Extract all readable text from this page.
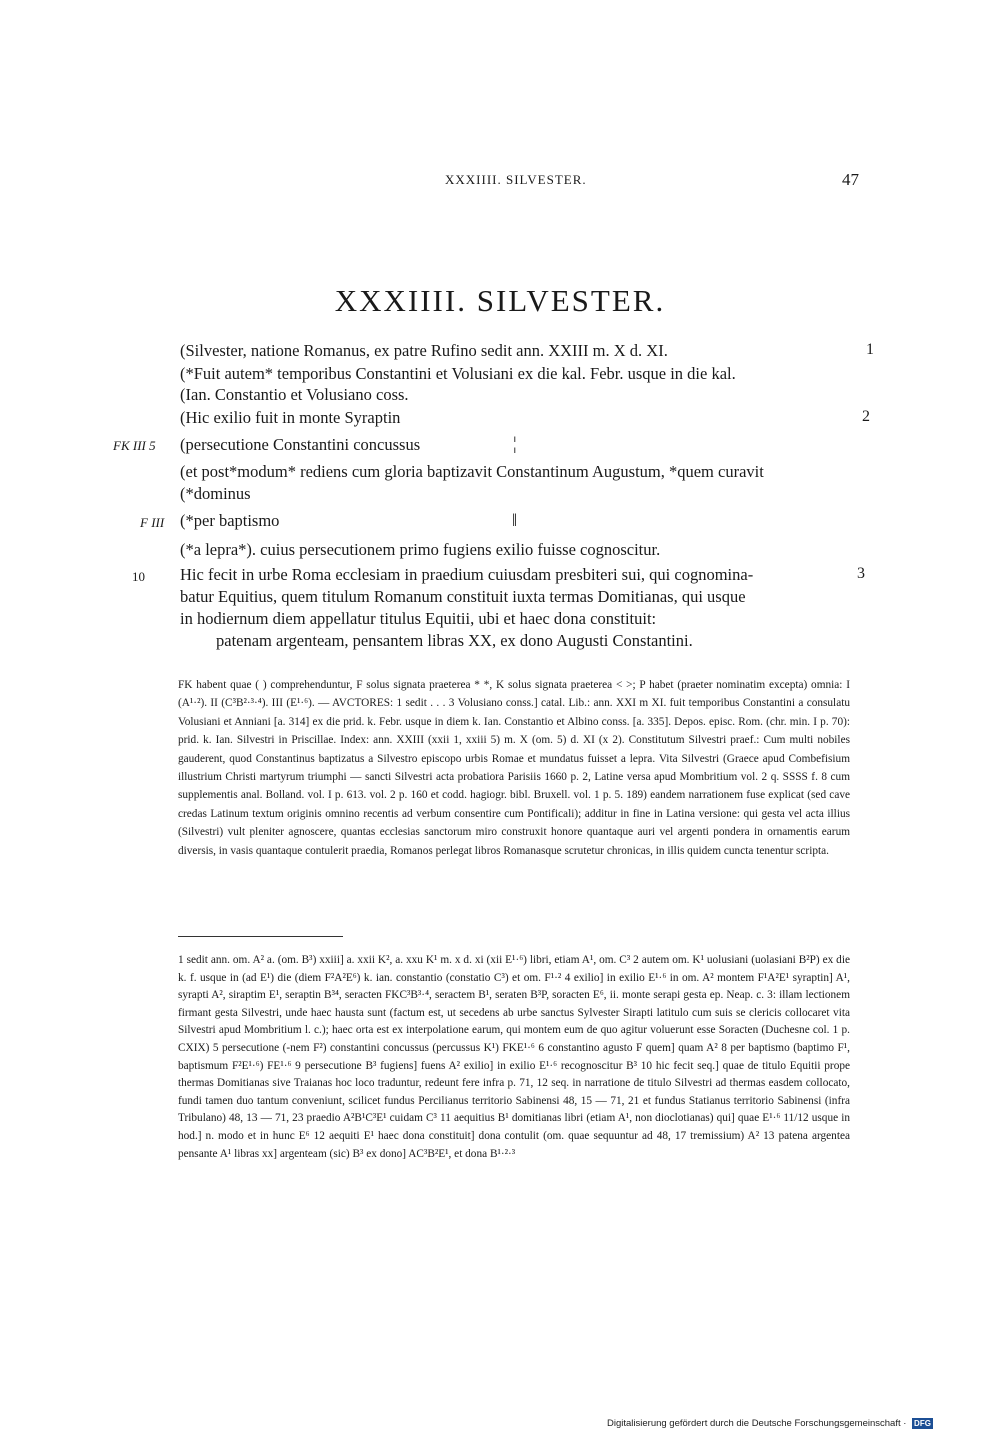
XXXIIII. SILVESTER.	47
XXXIIII. SILVESTER.
(Silvester, natione Romanus, ex patre Rufino sedit ann. XXIII m. X d. XI.	1
(*Fuit autem* temporibus Constantini et Volusiani ex die kal. Febr. usque in die kal.
(Ian. Constantio et Volusiano coss.
(Hic exilio fuit in monte Syraptin	2
FK III 5 (persecutione Constantini concussus	¦
(et post*modum* rediens cum gloria baptizavit Constantinum Augustum, *quem curavit
(*dominus
F III (*per baptismo	‖
(*a lepra*). cuius persecutionem primo fugiens exilio fuisse cognoscitur.
10 Hic fecit in urbe Roma ecclesiam in praedium cuiusdam presbiteri sui, qui cognomina-	3
batur Equitius, quem titulum Romanum constituit iuxta termas Domitianas, qui usque
in hodiernum diem appellatur titulus Equitii, ubi et haec dona constituit:
patenam argenteam, pensantem libras XX, ex dono Augusti Constantini.
FK habent quae ( ) comprehenduntur, F solus signata praeterea * *, K solus signata praeterea < >; P habet (praeter nominatim excepta) omnia: I (A¹·²). II (C³B²·³·⁴). III (E¹·⁶). — AVCTORES: 1 sedit . . . 3 Volusiano conss.] catal. Lib.: ann. XXI m XI. fuit temporibus Constantini a consulatu Volusiani et Anniani [a. 314] ex die prid. k. Febr. usque in diem k. Ian. Constantio et Albino conss. [a. 335]. Depos. episc. Rom. (chr. min. I p. 70): prid. k. Ian. Silvestri in Priscillae. Index: ann. XXIII (xxii 1, xxiii 5) m. X (om. 5) d. XI (x 2). Constitutum Silvestri praef.: Cum multi nobiles gauderent, quod Constantinus baptizatus a Silvestro episcopo urbis Romae et mundatus fuisset a lepra. Vita Silvestri (Graece apud Combefisium illustrium Christi martyrum triumphi — sancti Silvestri acta probatiora Parisiis 1660 p. 2, Latine versa apud Mombritium vol. 2 q. SSSS f. 8 cum supplementis anal. Bolland. vol. I p. 613. vol. 2 p. 160 et codd. hagiogr. bibl. Bruxell. vol. 1 p. 5. 189) eandem narrationem fuse explicat (sed cave credas Latinum textum originis omnino recentis ad verbum consentire cum Pontificali); additur in fine in Latina versione: qui gesta vel acta illius (Silvestri) vult pleniter agnoscere, quantas ecclesias sanctorum miro construxit honore quantaque auri vel argenti pondera in ornamentis earum diversis, in vasis quantaque contulerit praedia, Romanos perlegat libros Romanasque scrutetur chronicas, in illis quidem cuncta tenentur scripta.
1 sedit ann. om. A² a. (om. B³) xxiii] a. xxii K², a. xxu K¹ m. x d. xi (xii E¹·⁶) libri, etiam A¹, om. C³ 2 autem om. K¹ uolusiani (uolasiani B²P) ex die k. f. usque in (ad E¹) die (diem F²A²E⁶) k. ian. constantio (constatio C³) et om. F¹·² 4 exilio] in exilio E¹·⁶ in om. A² montem F¹A²E¹ syraptin] A¹, syrapti A², siraptim E¹, seraptin B³⁴, seracten FKC³B³·⁴, seractem B¹, seraten B³P, soracten E⁶, ii. monte serapi gesta ep. Neap. c. 3: illam lectionem firmant gesta Silvestri, unde haec hausta sunt (factum est, ut secedens ab urbe sanctus Sylvester Sirapti latitulo cum suis se clericis collocaret vita Silvestri apud Mombritium l. c.); haec orta est ex interpolatione earum, qui montem eum de quo agitur voluerunt esse Soracten (Duchesne col. 1 p. CXIX) 5 persecutione (-nem F²) constantini concussus (percussus K¹) FKE¹·⁶ 6 constantino agusto F quem] quam A² 8 per baptismo (baptimo F¹, baptismum F²E¹·⁶) FE¹·⁶ 9 persecutione B³ fugiens] fuens A² exilio] in exilio E¹·⁶ recognoscitur B³ 10 hic fecit seq.] quae de titulo Equitii prope thermas Domitianas sive Traianas hoc loco traduntur, redeunt fere infra p. 71, 12 seq. in narratione de titulo Silvestri ad thermas easdem collocato, fundi tamen duo tantum conveniunt, scilicet fundus Percilianus territorio Sabinensi 48, 15 — 71, 21 et fundus Statianus territorio Sabinensi (infra Tribulano) 48, 13 — 71, 23 praedio A²B¹C³E¹ cuidam C³ 11 aequitius B¹ domitianas libri (etiam A¹, non dioclotianas) qui] quae E¹·⁶ 11/12 usque in hod.] n. modo et in hunc E⁶ 12 aequiti E¹ haec dona constituit] dona contulit (om. quae sequuntur ad 48, 17 tremissium) A² 13 patena argentea pensante A¹ libras xx] argenteam (sic) B³ ex dono] AC³B²E¹, et dona B¹·²·³
Digitalisierung gefördert durch die Deutsche Forschungsgemeinschaft · DFG
